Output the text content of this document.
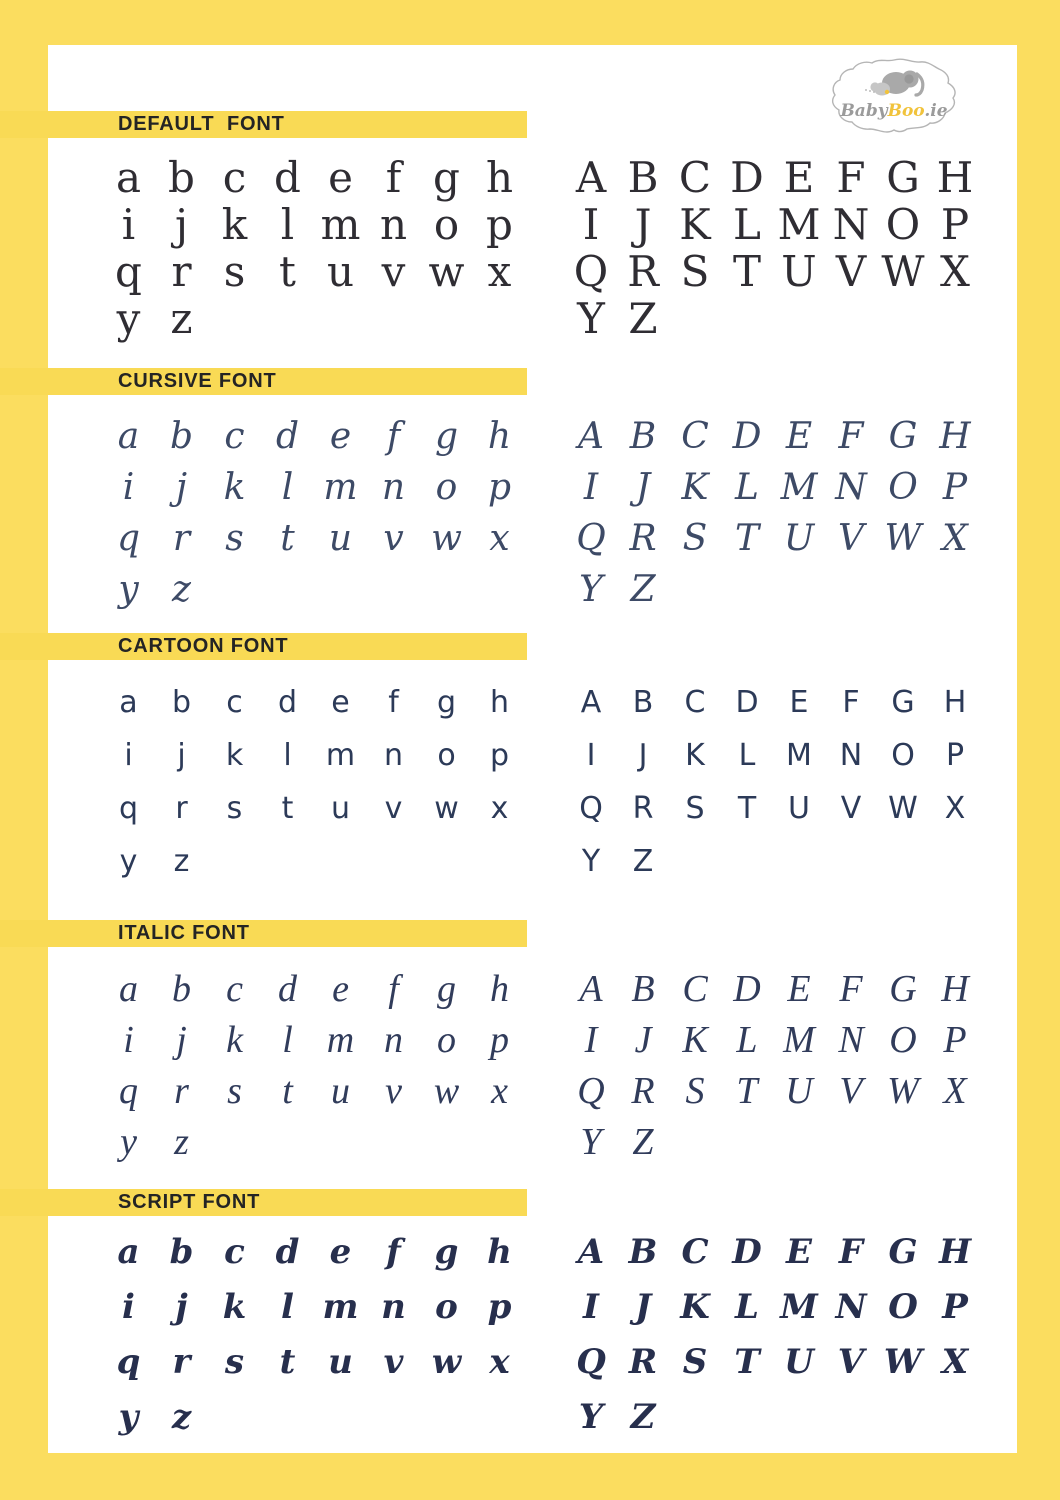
BabyBoo.ie
DEFAULT  FONT
a b c d e f g h
i j k l m n o p
q r s t u v w x
y z
A B C D E F G H
I J K L M N O P
Q R S T U V W X
Y Z
CURSIVE FONT
a b c d e f g h
i	j	k	l m n o p
q r s	t u v w x
y z
A B C D E F G H
I	J K L M N O P
Q R S T U V W X
Y Z
CARTOON FONT
a	b	c	d	e	f	g	h
i	j	k	l	m n	o	p
q	r	s	t	u	v	w	x
y	z
A	B	C D	E	F	G H
I	J	K	L	M N O	P
Q R	S	T	U	V W X
Y	Z
ITALIC FONT
a b c d e	f	g h
i	j	k	l m n o p
q r	s	t	u v w x
y z
A B C D E F G H
I J K L M N O P
Q R S T U V W X
Y Z
SCRIPT FONT
a b c d e	f g h
i	j	k	l m n o p
q r	s	t u v w x
y z
A B C D E F G H
I	J K L M N O P
Q R S T U V W X
Y Z
